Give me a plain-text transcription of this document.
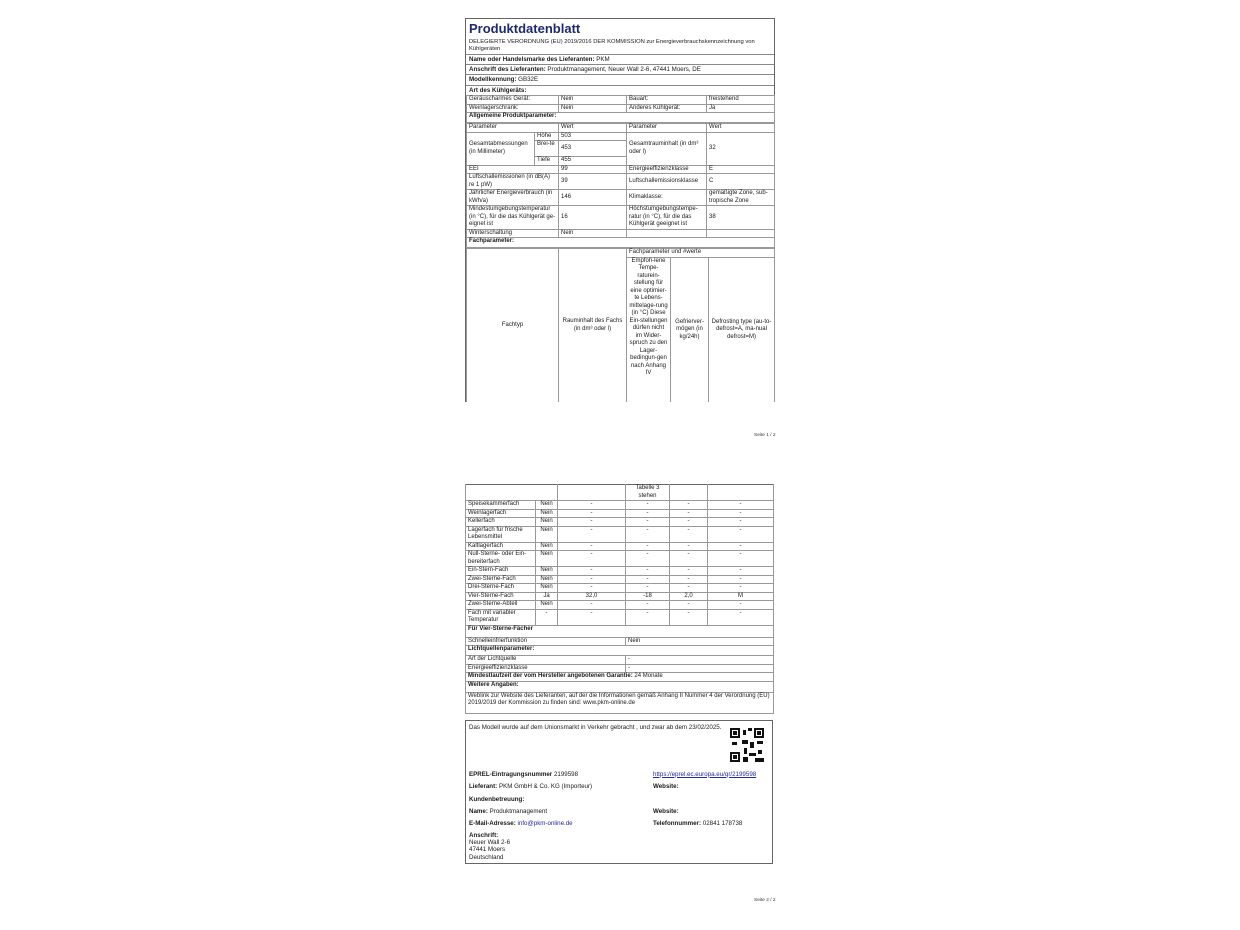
Produktdatenblatt
DELEGIERTE VERORDNUNG (EU) 2019/2016 DER KOMMISSION zur Energieverbrauchskennzeichnung von Kühlgeräten
Name oder Handelsmarke des Lieferanten: PKM
Anschrift des Lieferanten: Produktmanagement, Neuer Wall 2-6, 47441 Moers, DE
Modellkennung: GB32E
Art des Kühlgeräts:
Geräuscharmes Gerät:	Nein	Bauart:	freistehend
Weinlagerschrank:	Nein	Anderes Kühlgerät:	Ja
Allgemeine Produktparameter:			
Parameter		Wert	Parameter	Wert
Gesamtabmessungen (in Millimeter)	Höhe	503	Gesamtrauminhalt (in dm³ oder l)	32
	Brei-te	453		
	Tiefe	455		
EEI		99	Energieeffizienzklasse	E
Luftschallemissionen (in dB(A) re 1 pW)		39	Luftschallemissionsklasse	C
Jährlicher Energieverbrauch (in kWh/a)		146	Klimaklasse:	gemäßigte Zone, sub-tropische Zone
Mindestumgebungstemperatur (in °C), für die das Kühlgerät ge-eignet ist		16	Höchstumgebungstempe-ratur (in °C), für die das Kühlgerät geeignet ist	38
Winterschaltung		Nein		
Fachparameter:				
Fachtyp	Rauminhalt des Fachs (in dm³ oder l)	Fachparameter und #werte		
		Empfoh-lene Tempe-raturein-stellung für eine optimier-te Lebens-mittelage-rung (in °C) Diese Ein-stellungen dürfen nicht im Wider-spruch zu den Lager-bedingun-gen nach Anhang IV	Gefrierver-mögen (in kg/24h)	Defrosting type (au-to-defrost=A, ma-nual defrost=M)
Seite 1 / 2
			Tabelle 3 stehen		
Speisekammerfach	Nein	-	-	-	-
Weinlagerfach	Nein	-	-	-	-
Kellerfach	Nein	-	-	-	-
Lagerfach für frische Lebensmittel	Nein	-	-	-	-
Kaltlagerfach	Nein	-	-	-	-
Null-Sterne- oder Ein-bereiterfach	Nein	-	-	-	-
Ein-Stern-Fach	Nein	-	-	-	-
Zwei-Sterne-Fach	Nein	-	-	-	-
Drei-Sterne-Fach	Nein	-	-	-	-
Vier-Sterne-Fach	Ja	32,0	-18	2,0	M
Zwei-Sterne-Abteil	Nein	-	-	-	-
Fach mit variabler Temperatur	-	-	-	-	-
Für Vier-Sterne-Fächer	
Schnelleinfrierfunktion	Nein
Lichtquellenparameter:	
Art der Lichtquelle	-
Energieeffizienzklasse	-
Mindestlaufzeit der vom Hersteller angebotenen Garantie: 24 Monate	
Weitere Angaben:	
Weblink zur Website des Lieferanten, auf der die Informationen gemäß Anhang II Nummer 4 der Verordnung (EU) 2019/2019 der Kommission zu finden sind: www.pkm-online.de	
Das Modell wurde auf dem Unionsmarkt in Verkehr gebracht , und zwar ab dem 23/02/2025.
EPREL-Eintragungsnummer 2199598	https://eprel.ec.europa.eu/qr/2199598
Lieferant: PKM GmbH & Co. KG (Importeur)	Website:
Kundenbetreuung:
Name: Produktmanagement	Website:
E-Mail-Adresse: info@pkm-online.de	Telefonnummer: 02841 178738
Anschrift:
Neuer Wall 2-6
47441 Moers
Deutschland
Seite 2 / 2
